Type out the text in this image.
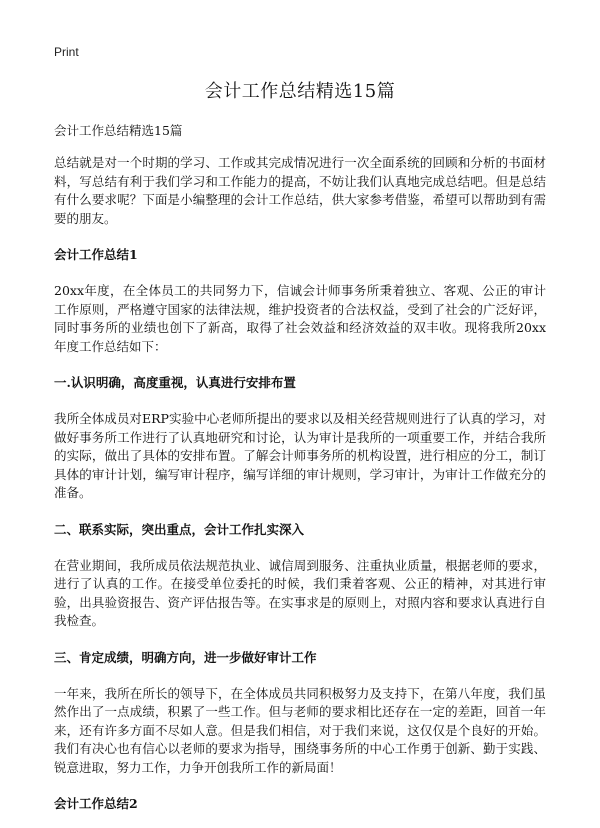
Print
会计工作总结精选15篇

会计工作总结精选15篇

总结就是对一个时期的学习、工作或其完成情况进行一次全面系统的回顾和分析的书面材料，写总结有利于我们学习和工作能力的提高，不妨让我们认真地完成总结吧。但是总结有什么要求呢？下面是小编整理的会计工作总结，供大家参考借鉴，希望可以帮助到有需要的朋友。

会计工作总结1

20xx年度，在全体员工的共同努力下，信诚会计师事务所秉着独立、客观、公正的审计工作原则，严格遵守国家的法律法规，维护投资者的合法权益，受到了社会的广泛好评，同时事务所的业绩也创下了新高，取得了社会效益和经济效益的双丰收。现将我所20xx年度工作总结如下：

一.认识明确，高度重视，认真进行安排布置

我所全体成员对ERP实验中心老师所提出的要求以及相关经营规则进行了认真的学习，对做好事务所工作进行了认真地研究和讨论，认为审计是我所的一项重要工作，并结合我所的实际，做出了具体的安排布置。了解会计师事务所的机构设置，进行相应的分工，制订具体的审计计划，编写审计程序，编写详细的审计规则，学习审计，为审计工作做充分的准备。

二、联系实际，突出重点，会计工作扎实深入

在营业期间，我所成员依法规范执业、诚信周到服务、注重执业质量，根据老师的要求，进行了认真的工作。在接受单位委托的时候，我们秉着客观、公正的精神，对其进行审验，出具验资报告、资产评估报告等。在实事求是的原则上，对照内容和要求认真进行自我检查。

三、肯定成绩，明确方向，进一步做好审计工作

一年来，我所在所长的领导下，在全体成员共同积极努力及支持下，在第八年度，我们虽然作出了一点成绩，积累了一些工作。但与老师的要求相比还存在一定的差距，回首一年来，还有许多方面不尽如人意。但是我们相信，对于我们来说，这仅仅是个良好的开始。我们有决心也有信心以老师的要求为指导，围绕事务所的中心工作勇于创新、勤于实践、锐意进取，努力工作，力争开创我所工作的新局面！

会计工作总结2
